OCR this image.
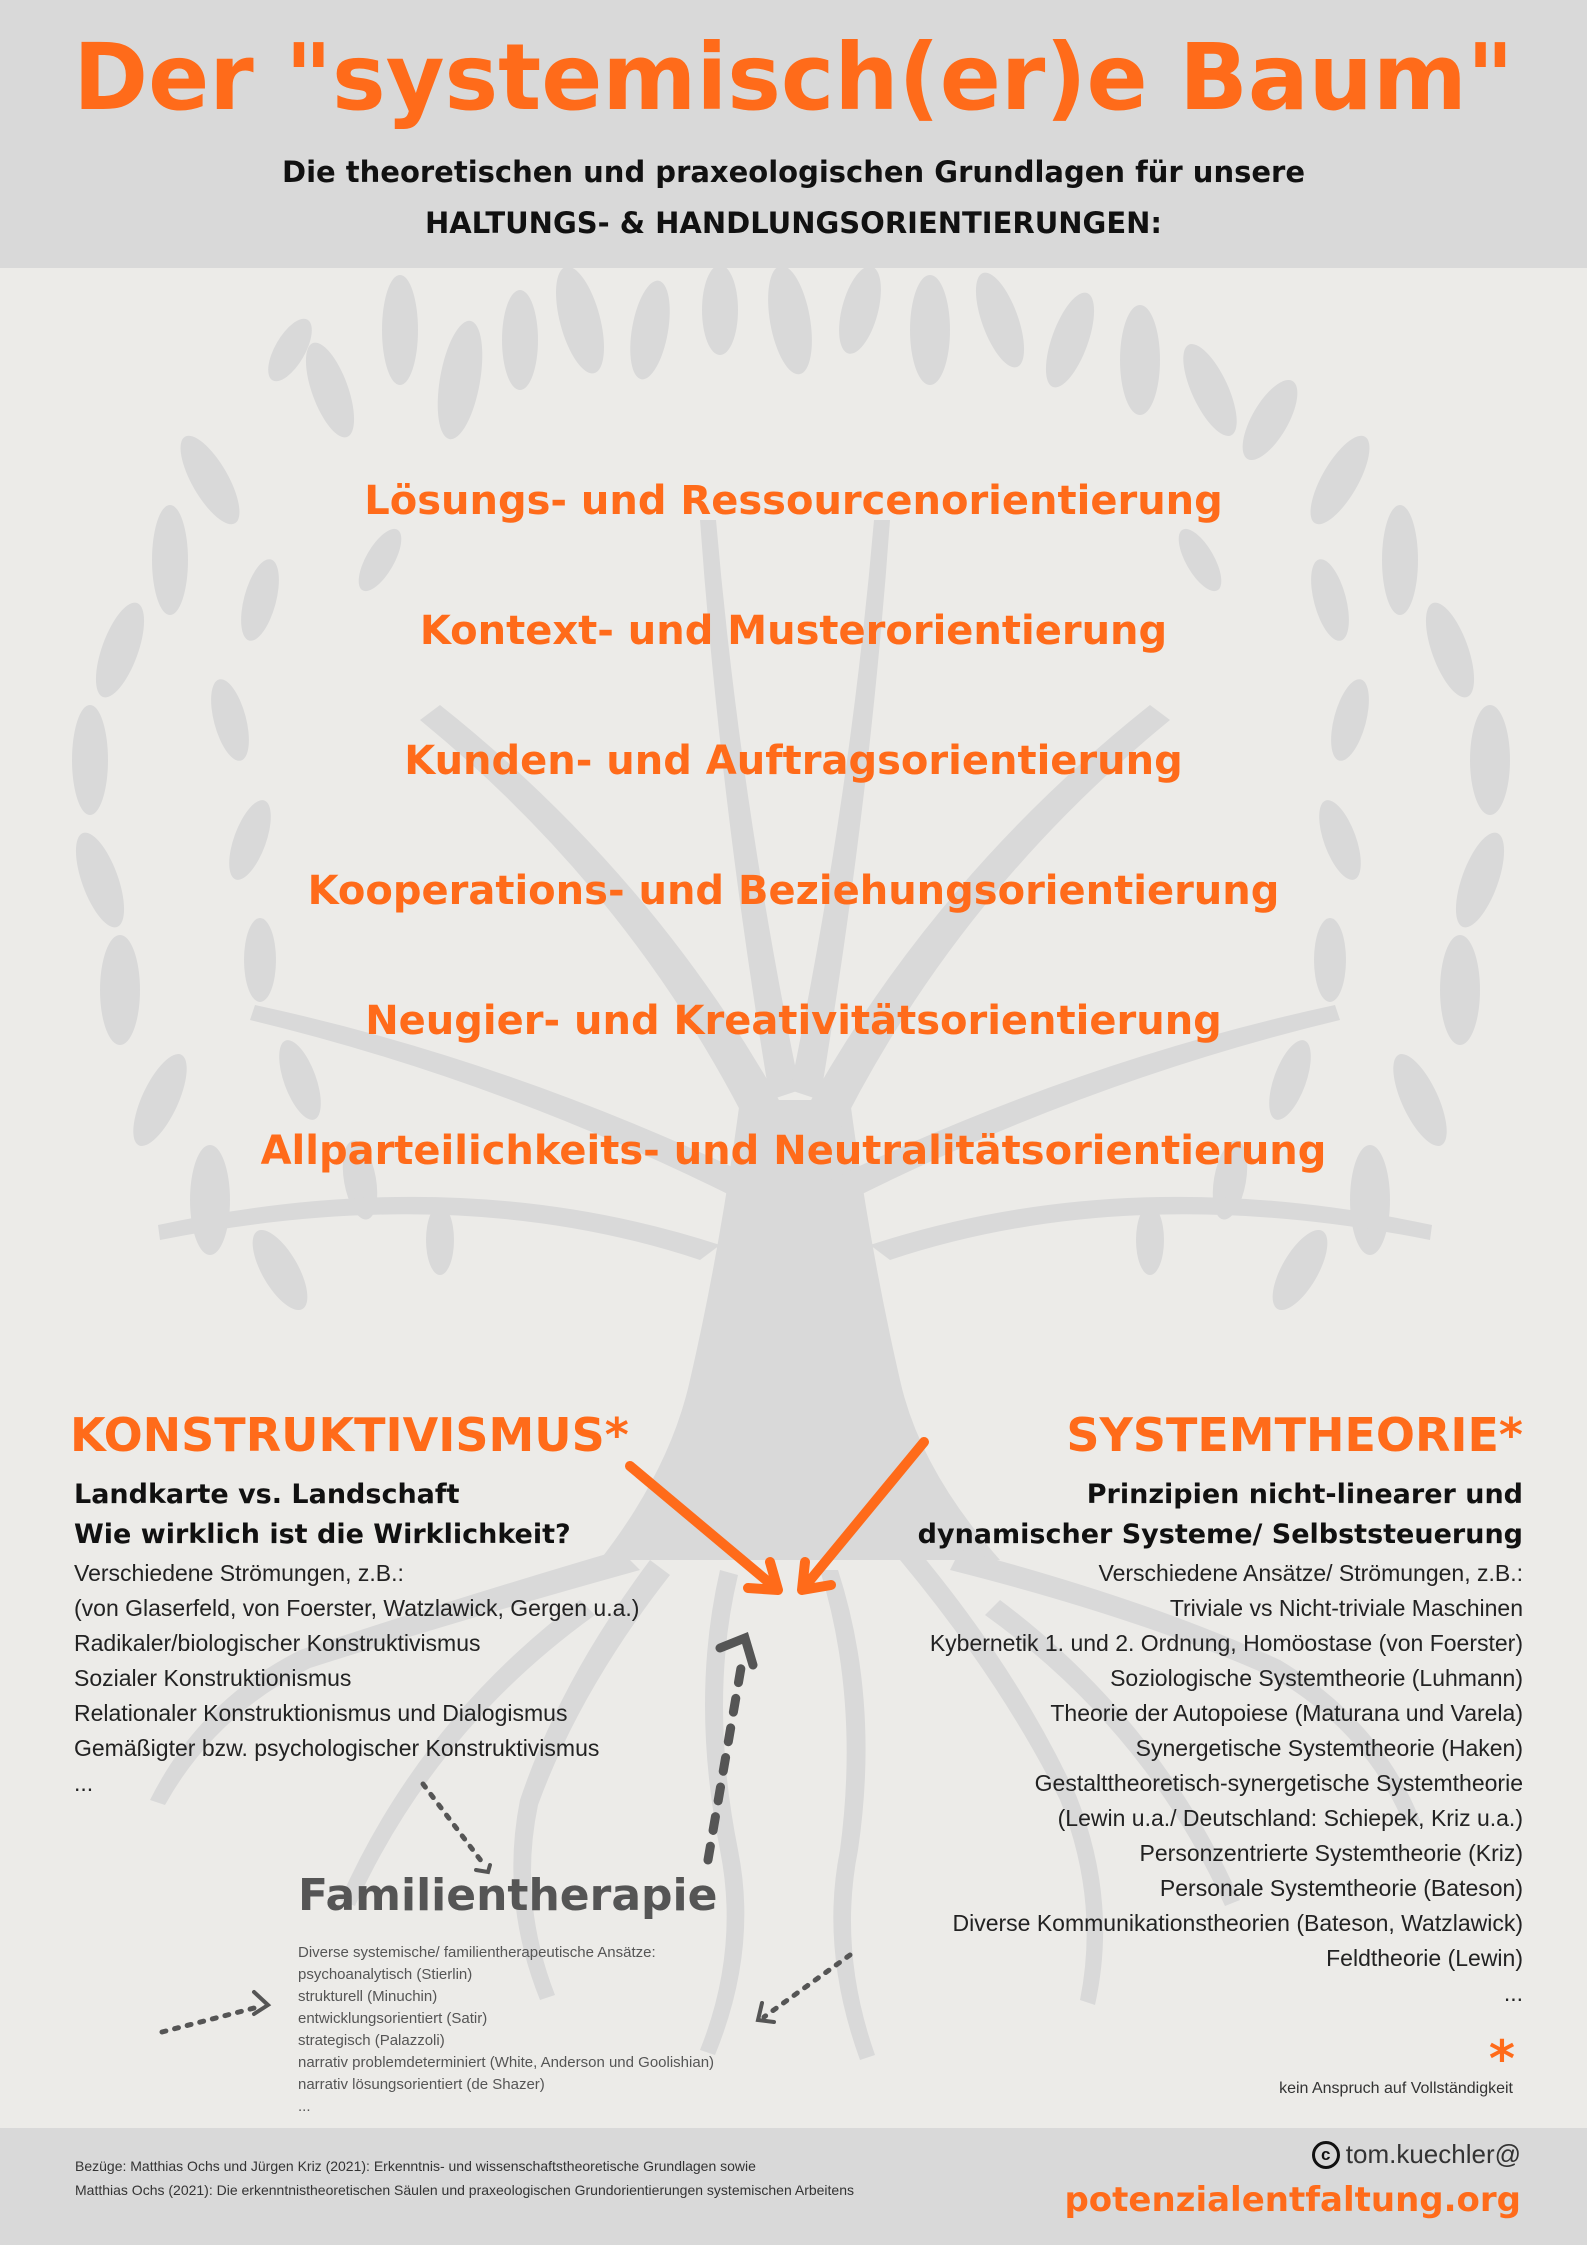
Der "systemisch(er)e Baum"
Die theoretischen und praxeologischen Grundlagen für unsere
HALTUNGS- & HANDLUNGSORIENTIERUNGEN:
Lösungs- und Ressourcenorientierung
Kontext- und Musterorientierung
Kunden- und Auftragsorientierung
Kooperations- und Beziehungsorientierung
Neugier- und Kreativitätsorientierung
Allparteilichkeits- und Neutralitätsorientierung
KONSTRUKTIVISMUS*
Landkarte vs. Landschaft
Wie wirklich ist die Wirklichkeit?
Verschiedene Strömungen, z.B.:
(von Glaserfeld, von Foerster, Watzlawick, Gergen u.a.)
Radikaler/biologischer Konstruktivismus
Sozialer Konstruktionismus
Relationaler Konstruktionismus und Dialogismus
Gemäßigter bzw. psychologischer Konstruktivismus
...
SYSTEMTHEORIE*
Prinzipien nicht-linearer und
dynamischer Systeme/ Selbststeuerung
Verschiedene Ansätze/ Strömungen, z.B.:
Triviale vs Nicht-triviale Maschinen
Kybernetik 1. und 2. Ordnung, Homöostase (von Foerster)
Soziologische Systemtheorie (Luhmann)
Theorie der Autopoiese (Maturana und Varela)
Synergetische Systemtheorie (Haken)
Gestalttheoretisch-synergetische Systemtheorie
(Lewin u.a./ Deutschland: Schiepek, Kriz u.a.)
Personzentrierte Systemtheorie (Kriz)
Personale Systemtheorie (Bateson)
Diverse Kommunikationstheorien (Bateson, Watzlawick)
Feldtheorie (Lewin)
...
Familientherapie
Diverse systemische/ familientherapeutische Ansätze:
psychoanalytisch (Stierlin)
strukturell (Minuchin)
entwicklungsorientiert (Satir)
strategisch (Palazzoli)
narrativ problemdeterminiert (White, Anderson und Goolishian)
narrativ lösungsorientiert (de Shazer)
...
*
kein Anspruch auf Vollständigkeit
Bezüge: Matthias Ochs und Jürgen Kriz (2021): Erkenntnis- und wissenschaftstheoretische Grundlagen sowie
Matthias Ochs (2021): Die erkenntnistheoretischen Säulen und praxeologischen Grundorientierungen systemischen Arbeitens
c tom.kuechler@
potenzialentfaltung.org
